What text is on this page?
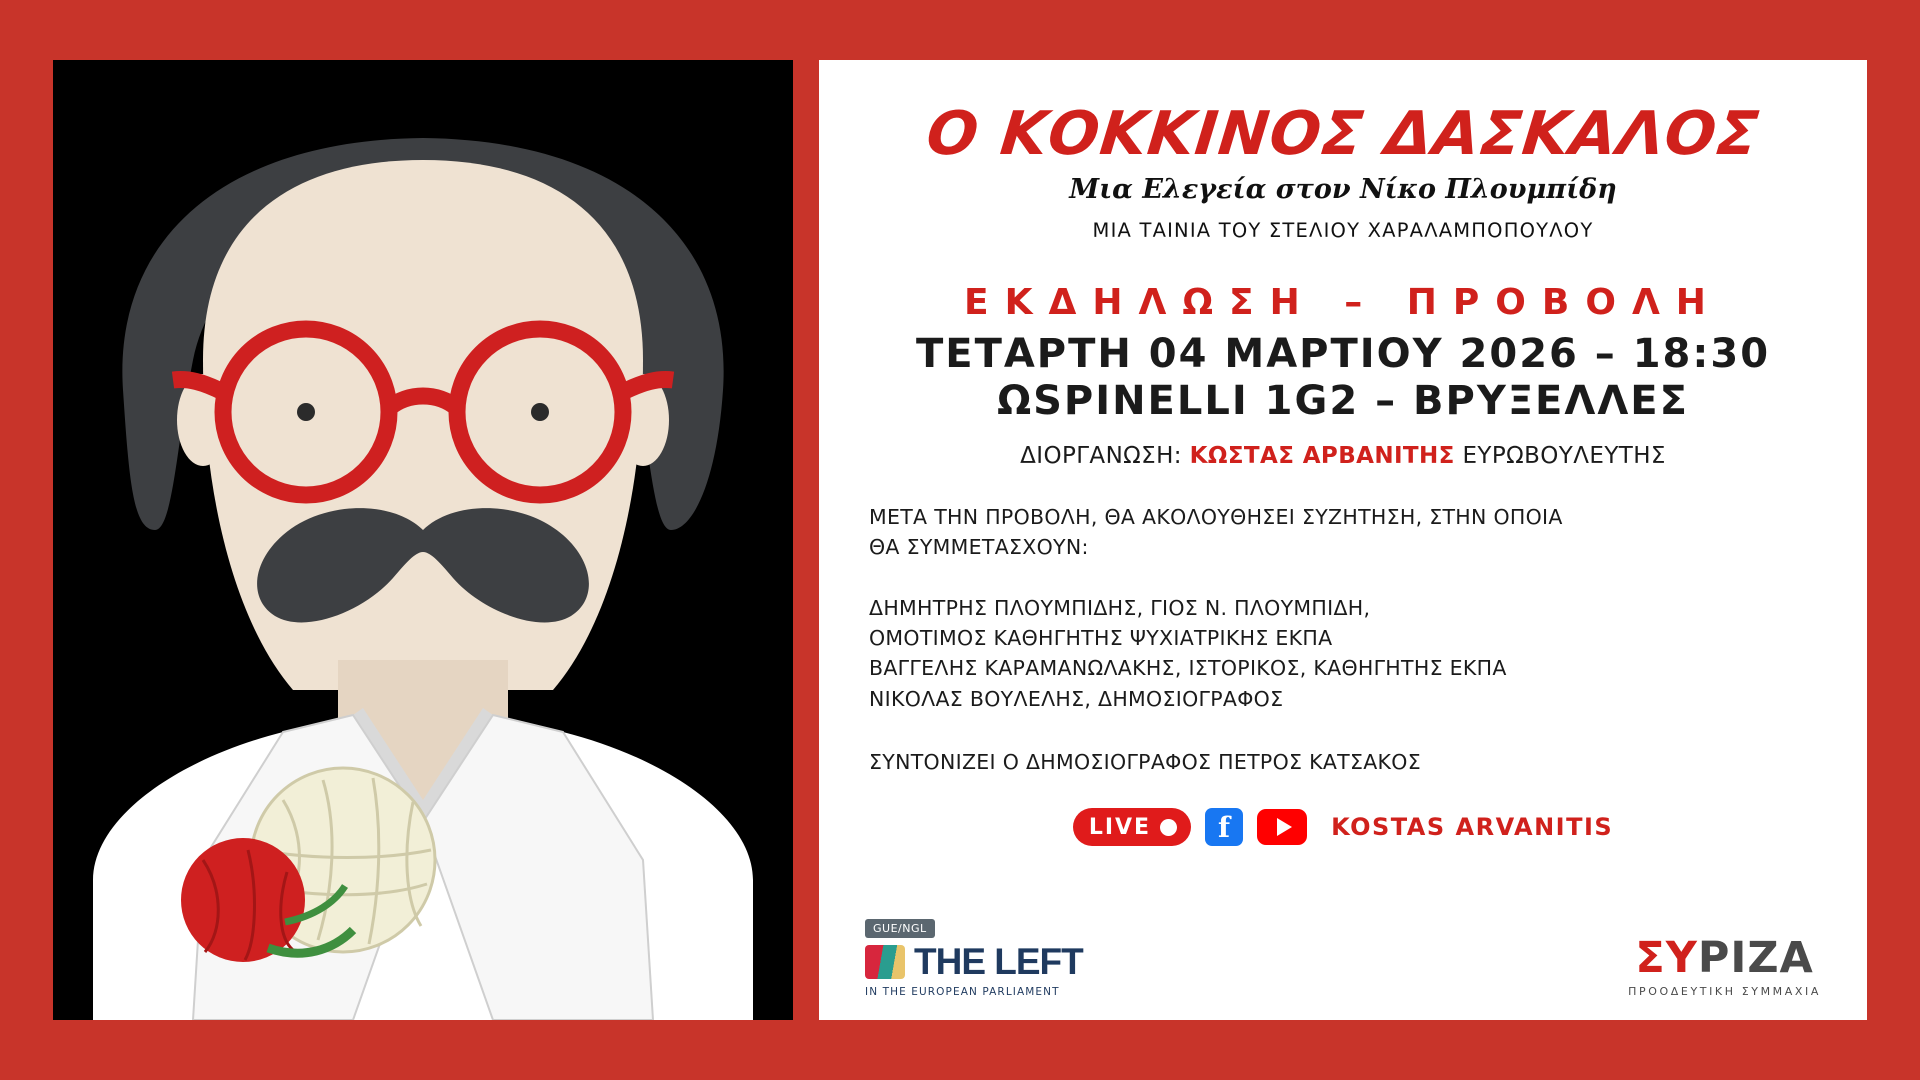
Ο ΚΟΚΚΙΝΟΣ ΔΑΣΚΑΛΟΣ
Μια Ελεγεία στον Νίκο Πλουμπίδη
ΜΙΑ ΤΑΙΝΙΑ ΤΟΥ ΣΤΕΛΙΟΥ ΧΑΡΑΛΑΜΠΟΠΟΥΛΟΥ
ΕΚΔΗΛΩΣΗ – ΠΡΟΒΟΛΗ
ΤΕΤΑΡΤΗ 04 ΜΑΡΤΙΟΥ 2026 – 18:30
ΩSPINELLI 1G2 – ΒΡΥΞΕΛΛΕΣ
ΔΙΟΡΓΑΝΩΣΗ: ΚΩΣΤΑΣ ΑΡΒΑΝΙΤΗΣ ΕΥΡΩΒΟΥΛΕΥΤΗΣ
ΜΕΤΑ ΤΗΝ ΠΡΟΒΟΛΗ, ΘΑ ΑΚΟΛΟΥΘΗΣΕΙ ΣΥΖΗΤΗΣΗ, ΣΤΗΝ ΟΠΟΙΑ
ΘΑ ΣΥΜΜΕΤΑΣΧΟΥΝ:
ΔΗΜΗΤΡΗΣ ΠΛΟΥΜΠΙΔΗΣ, ΓΙΟΣ Ν. ΠΛΟΥΜΠΙΔΗ,
ΟΜΟΤΙΜΟΣ ΚΑΘΗΓΗΤΗΣ ΨΥΧΙΑΤΡΙΚΗΣ ΕΚΠΑ
ΒΑΓΓΕΛΗΣ ΚΑΡΑΜΑΝΩΛΑΚΗΣ, ΙΣΤΟΡΙΚΟΣ, ΚΑΘΗΓΗΤΗΣ ΕΚΠΑ
ΝΙΚΟΛΑΣ ΒΟΥΛΕΛΗΣ, ΔΗΜΟΣΙΟΓΡΑΦΟΣ
ΣΥΝΤΟΝΙΖΕΙ Ο ΔΗΜΟΣΙΟΓΡΑΦΟΣ ΠΕΤΡΟΣ ΚΑΤΣΑΚΟΣ
LIVE f	KOSTAS ARVANITIS
GUE/NGL
THE LEFT
IN THE EUROPEAN PARLIAMENT
ΣΥΡΙΖΑ
ΠΡΟΟΔΕΥΤΙΚΗ ΣΥΜΜΑΧΙΑ
